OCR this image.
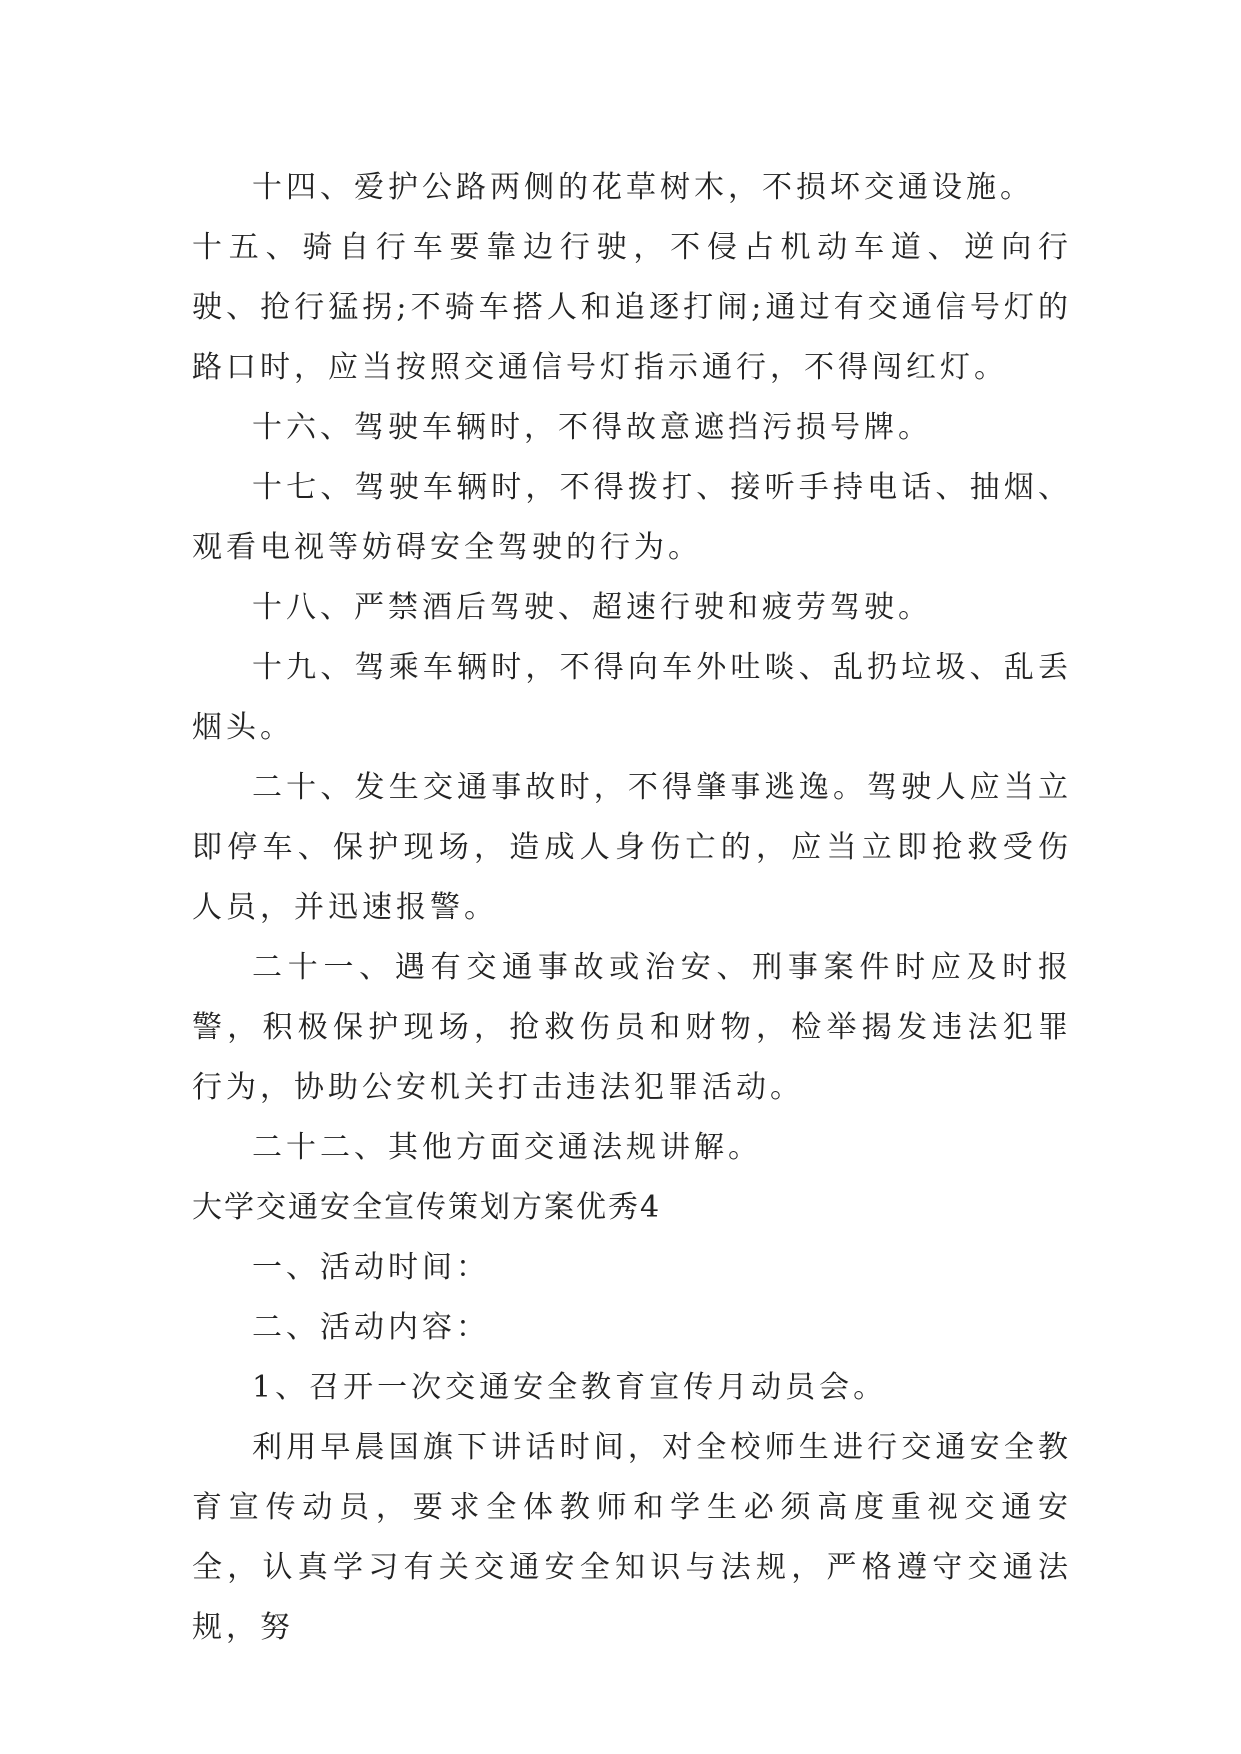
十四、爱护公路两侧的花草树木，不损坏交通设施。

十五、骑自行车要靠边行驶，不侵占机动车道、逆向行驶、抢行猛拐;不骑车搭人和追逐打闹;通过有交通信号灯的路口时，应当按照交通信号灯指示通行，不得闯红灯。

十六、驾驶车辆时，不得故意遮挡污损号牌。

十七、驾驶车辆时，不得拨打、接听手持电话、抽烟、观看电视等妨碍安全驾驶的行为。

十八、严禁酒后驾驶、超速行驶和疲劳驾驶。

十九、驾乘车辆时，不得向车外吐啖、乱扔垃圾、乱丢烟头。

二十、发生交通事故时，不得肇事逃逸。驾驶人应当立即停车、保护现场，造成人身伤亡的，应当立即抢救受伤人员，并迅速报警。

二十一、遇有交通事故或治安、刑事案件时应及时报警，积极保护现场，抢救伤员和财物，检举揭发违法犯罪行为，协助公安机关打击违法犯罪活动。

二十二、其他方面交通法规讲解。

大学交通安全宣传策划方案优秀4

一、活动时间：

二、活动内容：

1、召开一次交通安全教育宣传月动员会。

利用早晨国旗下讲话时间，对全校师生进行交通安全教育宣传动员，要求全体教师和学生必须高度重视交通安全，认真学习有关交通安全知识与法规，严格遵守交通法规，努
